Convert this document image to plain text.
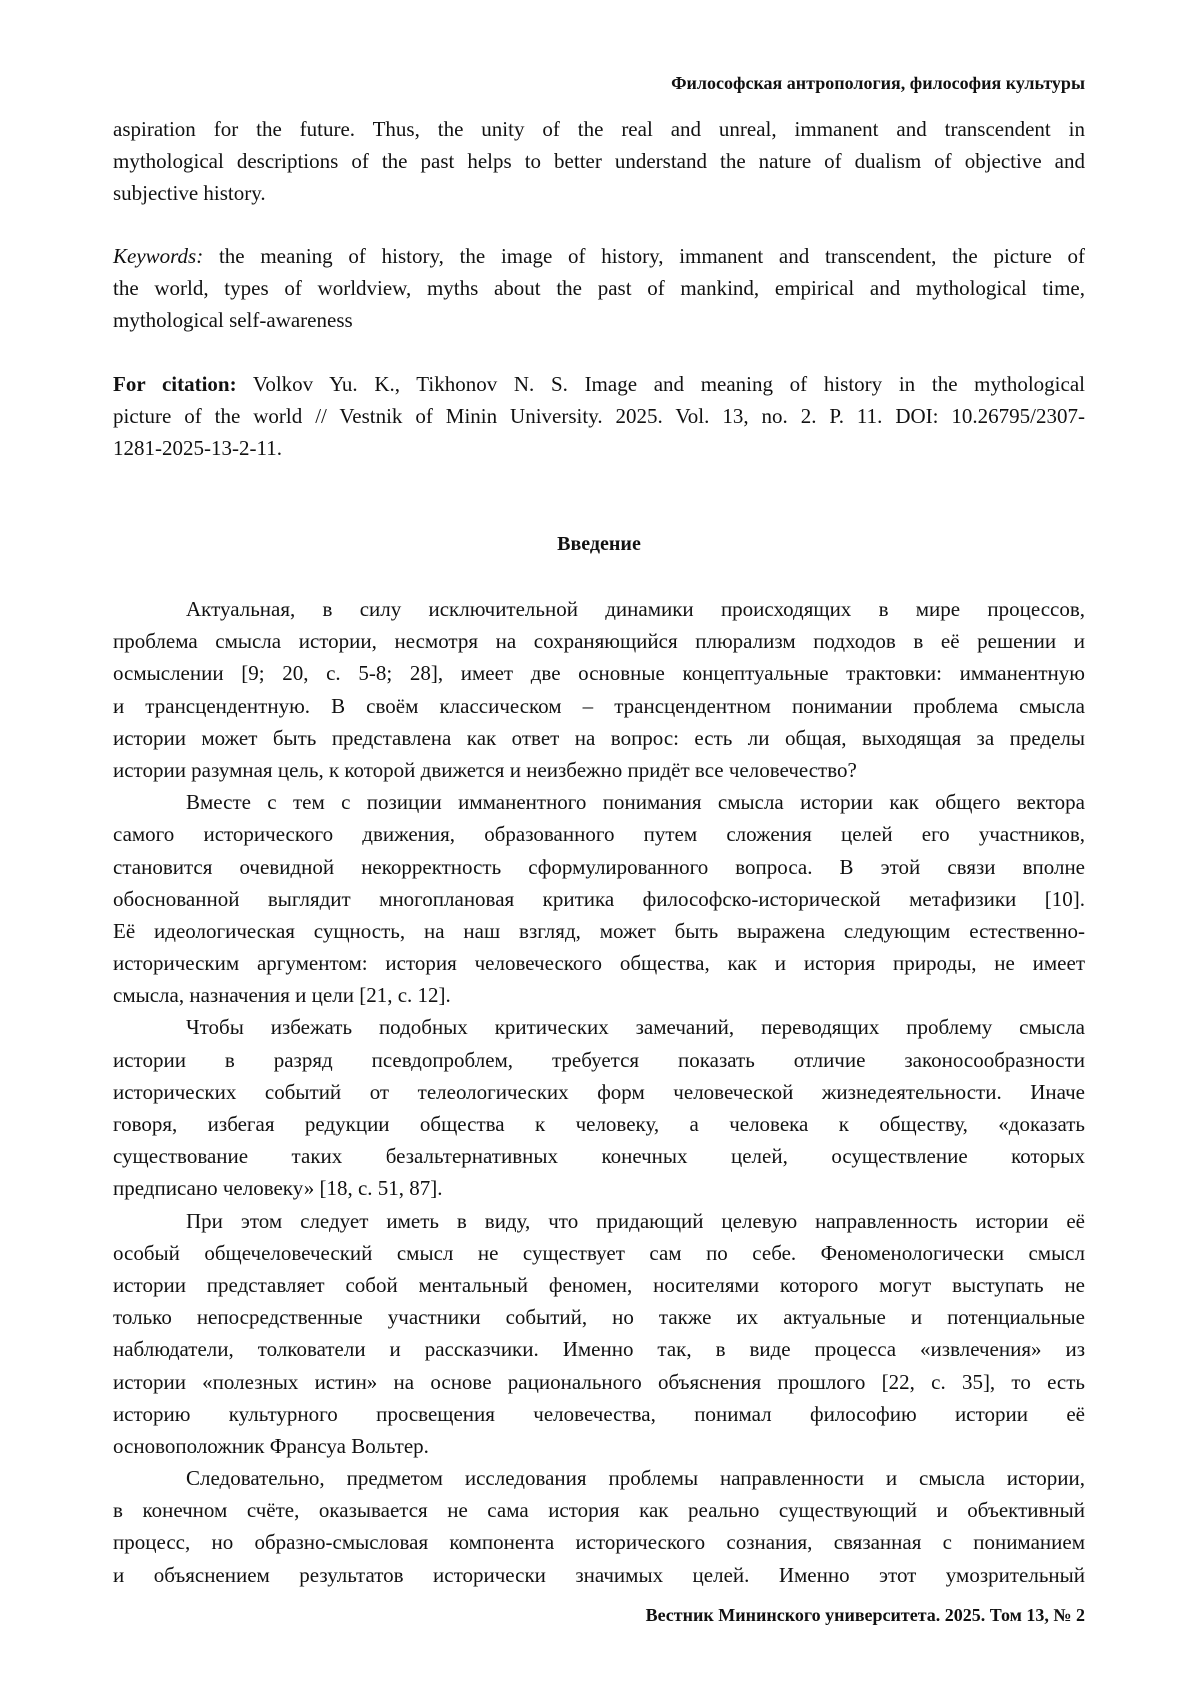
Философская антропология, философия культуры
aspiration for the future. Thus, the unity of the real and unreal, immanent and transcendent in
mythological descriptions of the past helps to better understand the nature of dualism of objective and
subjective history.
Keywords: the meaning of history, the image of history, immanent and transcendent, the picture of
the world, types of worldview, myths about the past of mankind, empirical and mythological time,
mythological self-awareness
For citation: Volkov Yu. K., Tikhonov N. S. Image and meaning of history in the mythological
picture of the world // Vestnik of Minin University. 2025. Vol. 13, no. 2. P. 11. DOI: 10.26795/2307-
1281-2025-13-2-11.
Введение
Актуальная, в силу исключительной динамики происходящих в мире процессов,
проблема смысла истории, несмотря на сохраняющийся плюрализм подходов в её решении и
осмыслении [9; 20, с. 5-8; 28], имеет две основные концептуальные трактовки: имманентную
и трансцендентную. В своём классическом – трансцендентном понимании проблема смысла
истории может быть представлена как ответ на вопрос: есть ли общая, выходящая за пределы
истории разумная цель, к которой движется и неизбежно придёт все человечество?
Вместе с тем с позиции имманентного понимания смысла истории как общего вектора
самого исторического движения, образованного путем сложения целей его участников,
становится очевидной некорректность сформулированного вопроса. В этой связи вполне
обоснованной выглядит многоплановая критика философско-исторической метафизики [10].
Её идеологическая сущность, на наш взгляд, может быть выражена следующим естественно-
историческим аргументом: история человеческого общества, как и история природы, не имеет
смысла, назначения и цели [21, с. 12].
Чтобы избежать подобных критических замечаний, переводящих проблему смысла
истории в разряд псевдопроблем, требуется показать отличие законосообразности
исторических событий от телеологических форм человеческой жизнедеятельности. Иначе
говоря, избегая редукции общества к человеку, а человека к обществу, «доказать
существование таких безальтернативных конечных целей, осуществление которых
предписано человеку» [18, с. 51, 87].
При этом следует иметь в виду, что придающий целевую направленность истории её
особый общечеловеческий смысл не существует сам по себе. Феноменологически смысл
истории представляет собой ментальный феномен, носителями которого могут выступать не
только непосредственные участники событий, но также их актуальные и потенциальные
наблюдатели, толкователи и рассказчики. Именно так, в виде процесса «извлечения» из
истории «полезных истин» на основе рационального объяснения прошлого [22, с. 35], то есть
историю культурного просвещения человечества, понимал философию истории её
основоположник Франсуа Вольтер.
Следовательно, предметом исследования проблемы направленности и смысла истории,
в конечном счёте, оказывается не сама история как реально существующий и объективный
процесс, но образно-смысловая компонента исторического сознания, связанная с пониманием
и объяснением результатов исторически значимых целей. Именно этот умозрительный
Вестник Мининского университета. 2025. Том 13, № 2
